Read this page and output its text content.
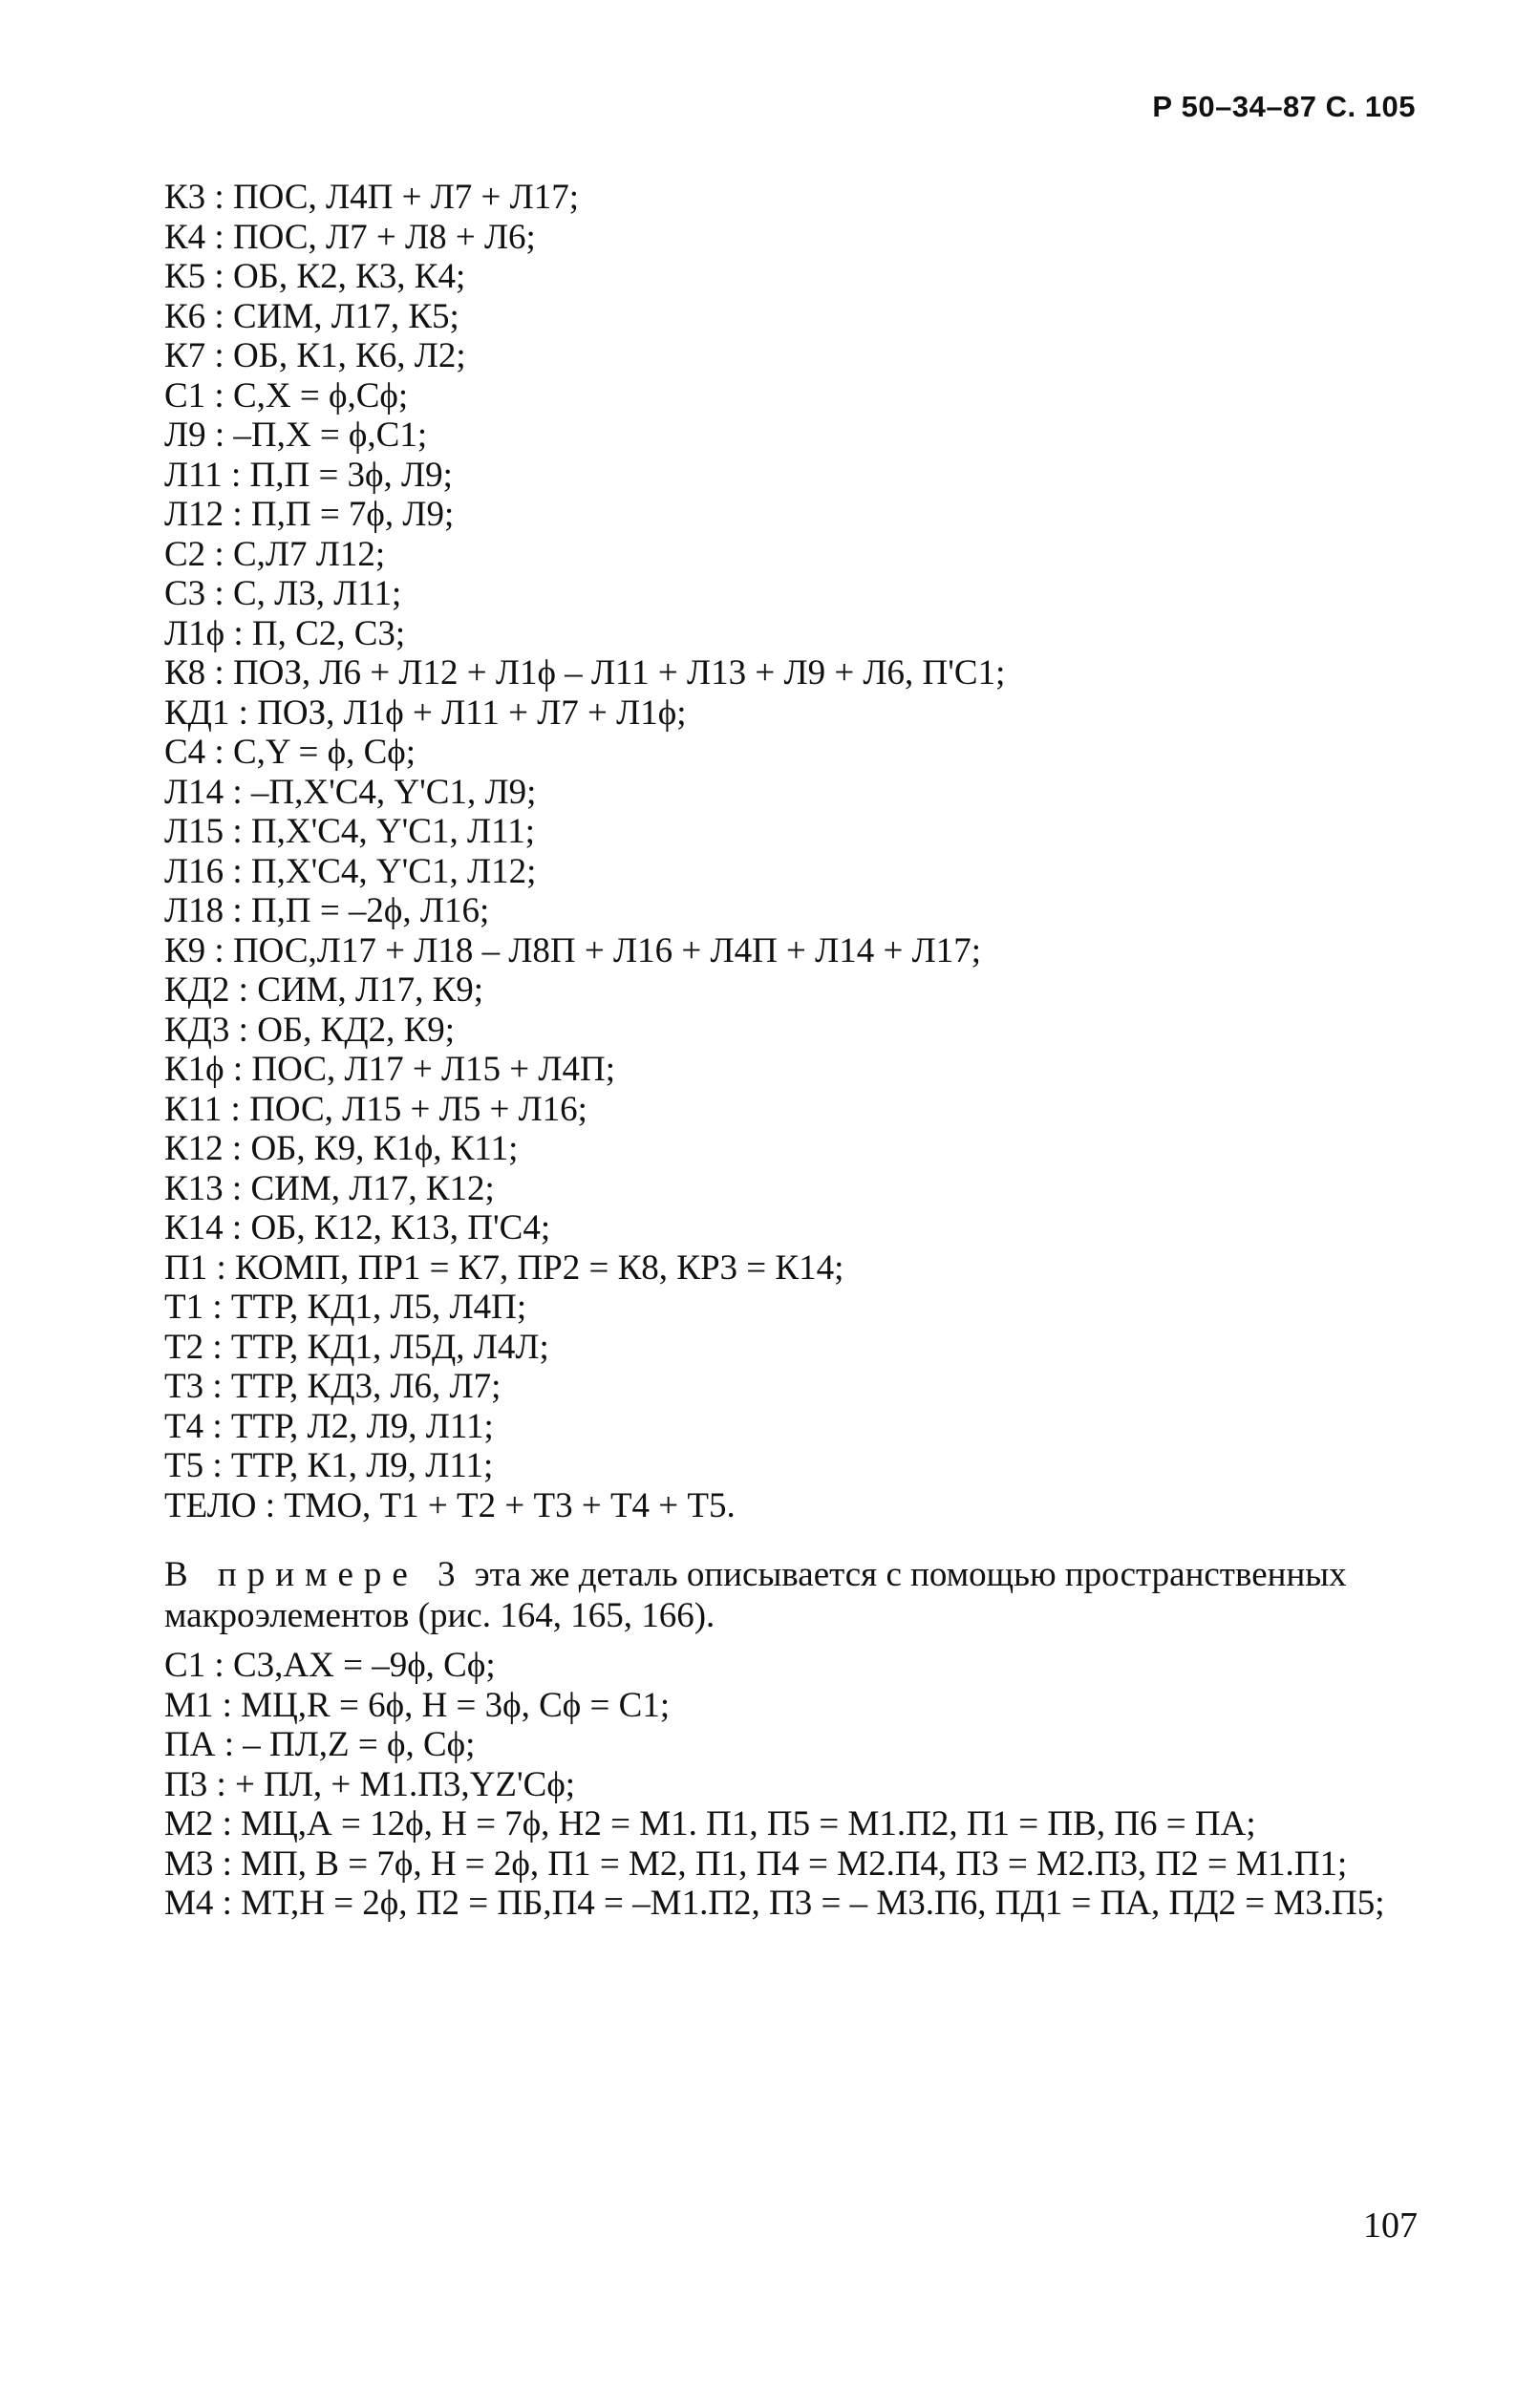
Р 50–34–87 С. 105
К3 : ПОС, Л4П + Л7 + Л17;
К4 : ПОС, Л7 + Л8 + Л6;
К5 : ОБ, К2, К3, К4;
К6 : СИМ, Л17, К5;
К7 : ОБ, К1, К6, Л2;
С1 : С,Х = ϕ,Сϕ;
Л9 : –П,Х = ϕ,С1;
Л11 : П,П = 3ϕ, Л9;
Л12 : П,П = 7ϕ, Л9;
С2 : С,Л7 Л12;
С3 : С, Л3, Л11;
Л1ϕ : П, С2, С3;
К8 : ПОЗ, Л6 + Л12 + Л1ϕ – Л11 + Л13 + Л9 + Л6, П'С1;
КД1 : ПОЗ, Л1ϕ + Л11 + Л7 + Л1ϕ;
С4 : С,Y = ϕ, Сϕ;
Л14 : –П,Х'С4, Y'С1, Л9;
Л15 : П,Х'С4, Y'С1, Л11;
Л16 : П,Х'С4, Y'С1, Л12;
Л18 : П,П = –2ϕ, Л16;
К9 : ПОС,Л17 + Л18 – Л8П + Л16 + Л4П + Л14 + Л17;
КД2 : СИМ, Л17, К9;
КД3 : ОБ, КД2, К9;
К1ϕ : ПОС, Л17 + Л15 + Л4П;
К11 : ПОС, Л15 + Л5 + Л16;
К12 : ОБ, К9, К1ϕ, К11;
К13 : СИМ, Л17, К12;
К14 : ОБ, К12, К13, П'С4;
П1 : КОМП, ПР1 = К7, ПР2 = К8, КР3 = К14;
Т1 : ТТР, КД1, Л5, Л4П;
Т2 : ТТР, КД1, Л5Д, Л4Л;
Т3 : ТТР, КД3, Л6, Л7;
Т4 : ТТР, Л2, Л9, Л11;
Т5 : ТТР, К1, Л9, Л11;
ТЕЛО : ТМО, Т1 + Т2 + Т3 + Т4 + Т5.
В примере 3 эта же деталь описывается с помощью пространственных макроэлементов (рис. 164, 165, 166).
С1 : С3,АХ = –9ϕ, Сϕ;
М1 : МЦ,R = 6ϕ, Н = 3ϕ, Сϕ = С1;
ПА : – ПЛ,Z = ϕ, Сϕ;
П3 : + ПЛ, + М1.П3,YZ'Сϕ;
М2 : МЦ,А = 12ϕ, Н = 7ϕ, Н2 = М1. П1, П5 = М1.П2, П1 = ПВ, П6 = ПА;
М3 : МП, В = 7ϕ, Н = 2ϕ, П1 = М2, П1, П4 = М2.П4, П3 = М2.П3, П2 = М1.П1;
М4 : МТ,Н = 2ϕ, П2 = ПБ,П4 = –М1.П2, П3 = – М3.П6, ПД1 = ПА, ПД2 = М3.П5;
107
